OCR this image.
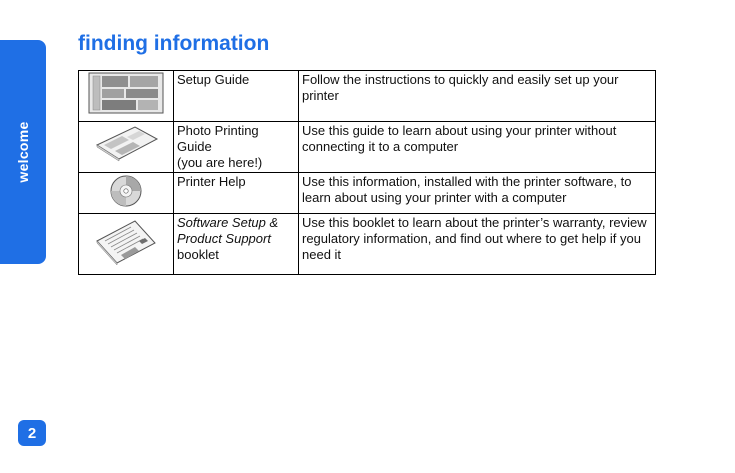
welcome
finding information

Setup Guide	Follow the instructions to quickly and easily set up your printer

Photo Printing Guide
(you are here!)	Use this guide to learn about using your printer without connecting it to a computer

Printer Help	Use this information, installed with the printer software, to learn about using your printer with a computer

Software Setup &
Product Support
booklet	Use this booklet to learn about the printer’s warranty, review regulatory information, and find out where to get help if you need it
2
